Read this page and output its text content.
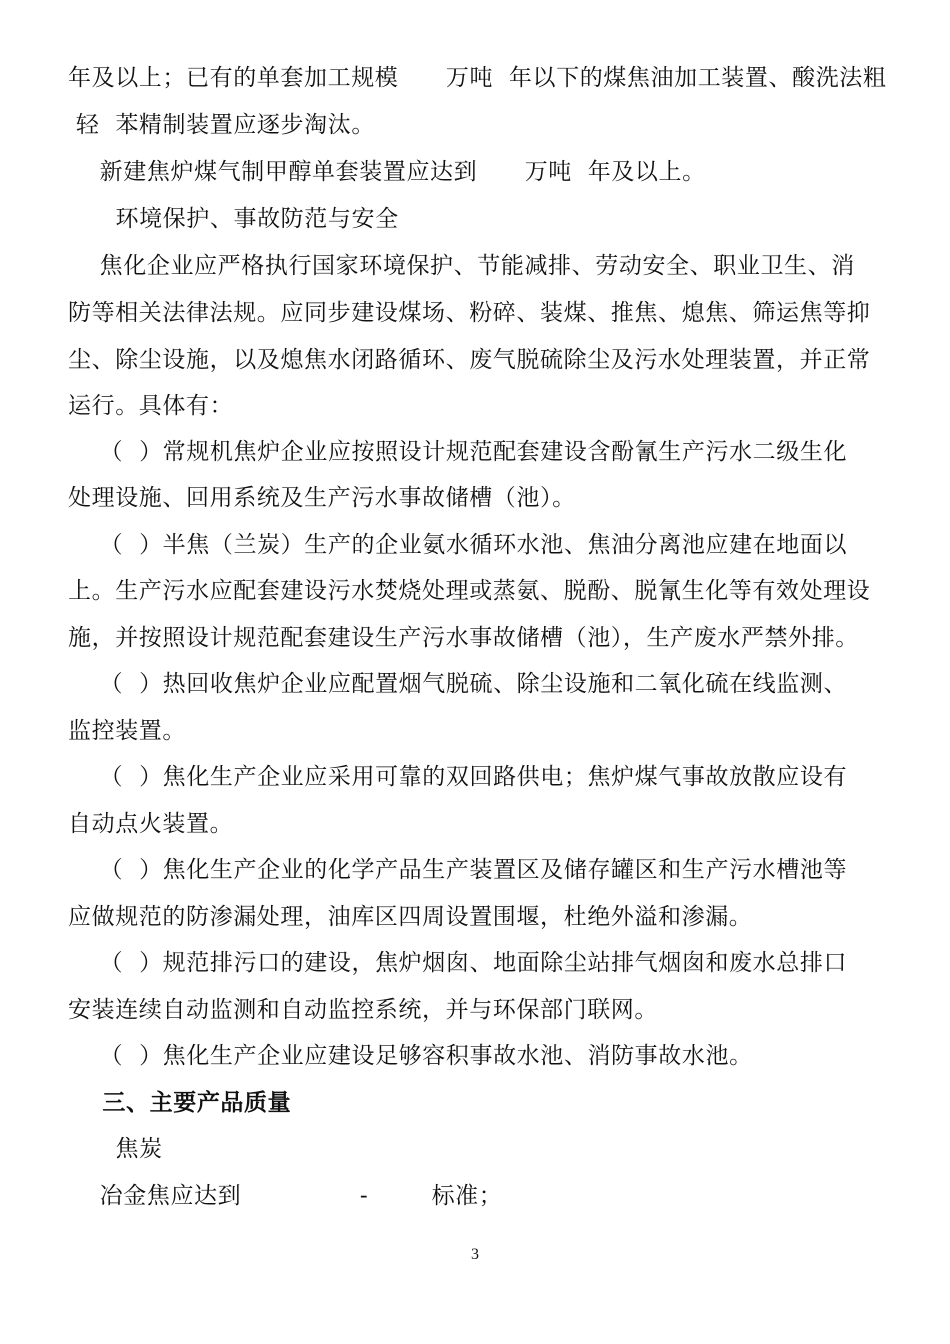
年及以上；已有的单套加工规模      万吨  年以下的煤焦油加工装置、酸洗法粗
轻  苯精制装置应逐步淘汰。
新建焦炉煤气制甲醇单套装置应达到      万吨  年及以上。
环境保护、事故防范与安全
焦化企业应严格执行国家环境保护、节能减排、劳动安全、职业卫生、消
防等相关法律法规。应同步建设煤场、粉碎、装煤、推焦、熄焦、筛运焦等抑
尘、除尘设施，以及熄焦水闭路循环、废气脱硫除尘及污水处理装置，并正常
运行。具体有：
（  ）常规机焦炉企业应按照设计规范配套建设含酚氰生产污水二级生化
处理设施、回用系统及生产污水事故储槽（池）。
（  ）半焦（兰炭）生产的企业氨水循环水池、焦油分离池应建在地面以
上。生产污水应配套建设污水焚烧处理或蒸氨、脱酚、脱氰生化等有效处理设
施，并按照设计规范配套建设生产污水事故储槽（池），生产废水严禁外排。
（  ）热回收焦炉企业应配置烟气脱硫、除尘设施和二氧化硫在线监测、
监控装置。
（  ）焦化生产企业应采用可靠的双回路供电；焦炉煤气事故放散应设有
自动点火装置。
（  ）焦化生产企业的化学产品生产装置区及储存罐区和生产污水槽池等
应做规范的防渗漏处理，油库区四周设置围堰，杜绝外溢和渗漏。
（  ）规范排污口的建设，焦炉烟囱、地面除尘站排气烟囱和废水总排口
安装连续自动监测和自动监控系统，并与环保部门联网。
（  ）焦化生产企业应建设足够容积事故水池、消防事故水池。
三、主要产品质量
焦炭
冶金焦应达到               -        标准；
3
